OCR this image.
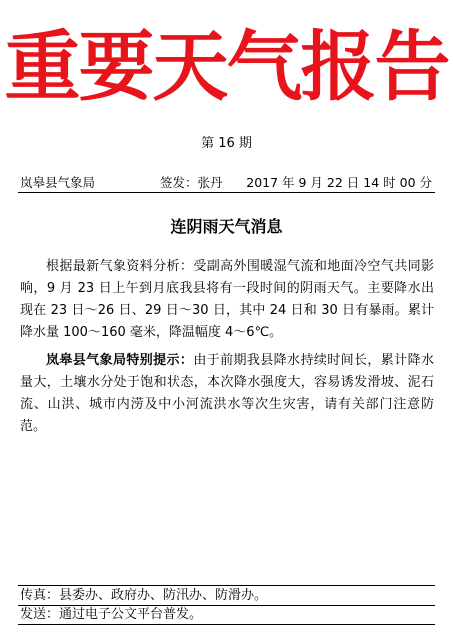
重要天气报告
第 16 期
岚皋县气象局	签发：张丹 2017 年 9 月 22 日 14 时 00 分
连阴雨天气消息
根据最新气象资料分析：受副高外围暖湿气流和地面冷空气共同影响，9 月 23 日上午到月底我县将有一段时间的阴雨天气。主要降水出现在 23 日～26 日、29 日～30 日，其中 24 日和 30 日有暴雨。累计降水量 100～160 毫米，降温幅度 4～6℃。
岚皋县气象局特别提示：由于前期我县降水持续时间长，累计降水量大，土壤水分处于饱和状态，本次降水强度大，容易诱发滑坡、泥石流、山洪、城市内涝及中小河流洪水等次生灾害，请有关部门注意防范。
传真：县委办、政府办、防汛办、防滑办。
发送：通过电子公文平台普发。
